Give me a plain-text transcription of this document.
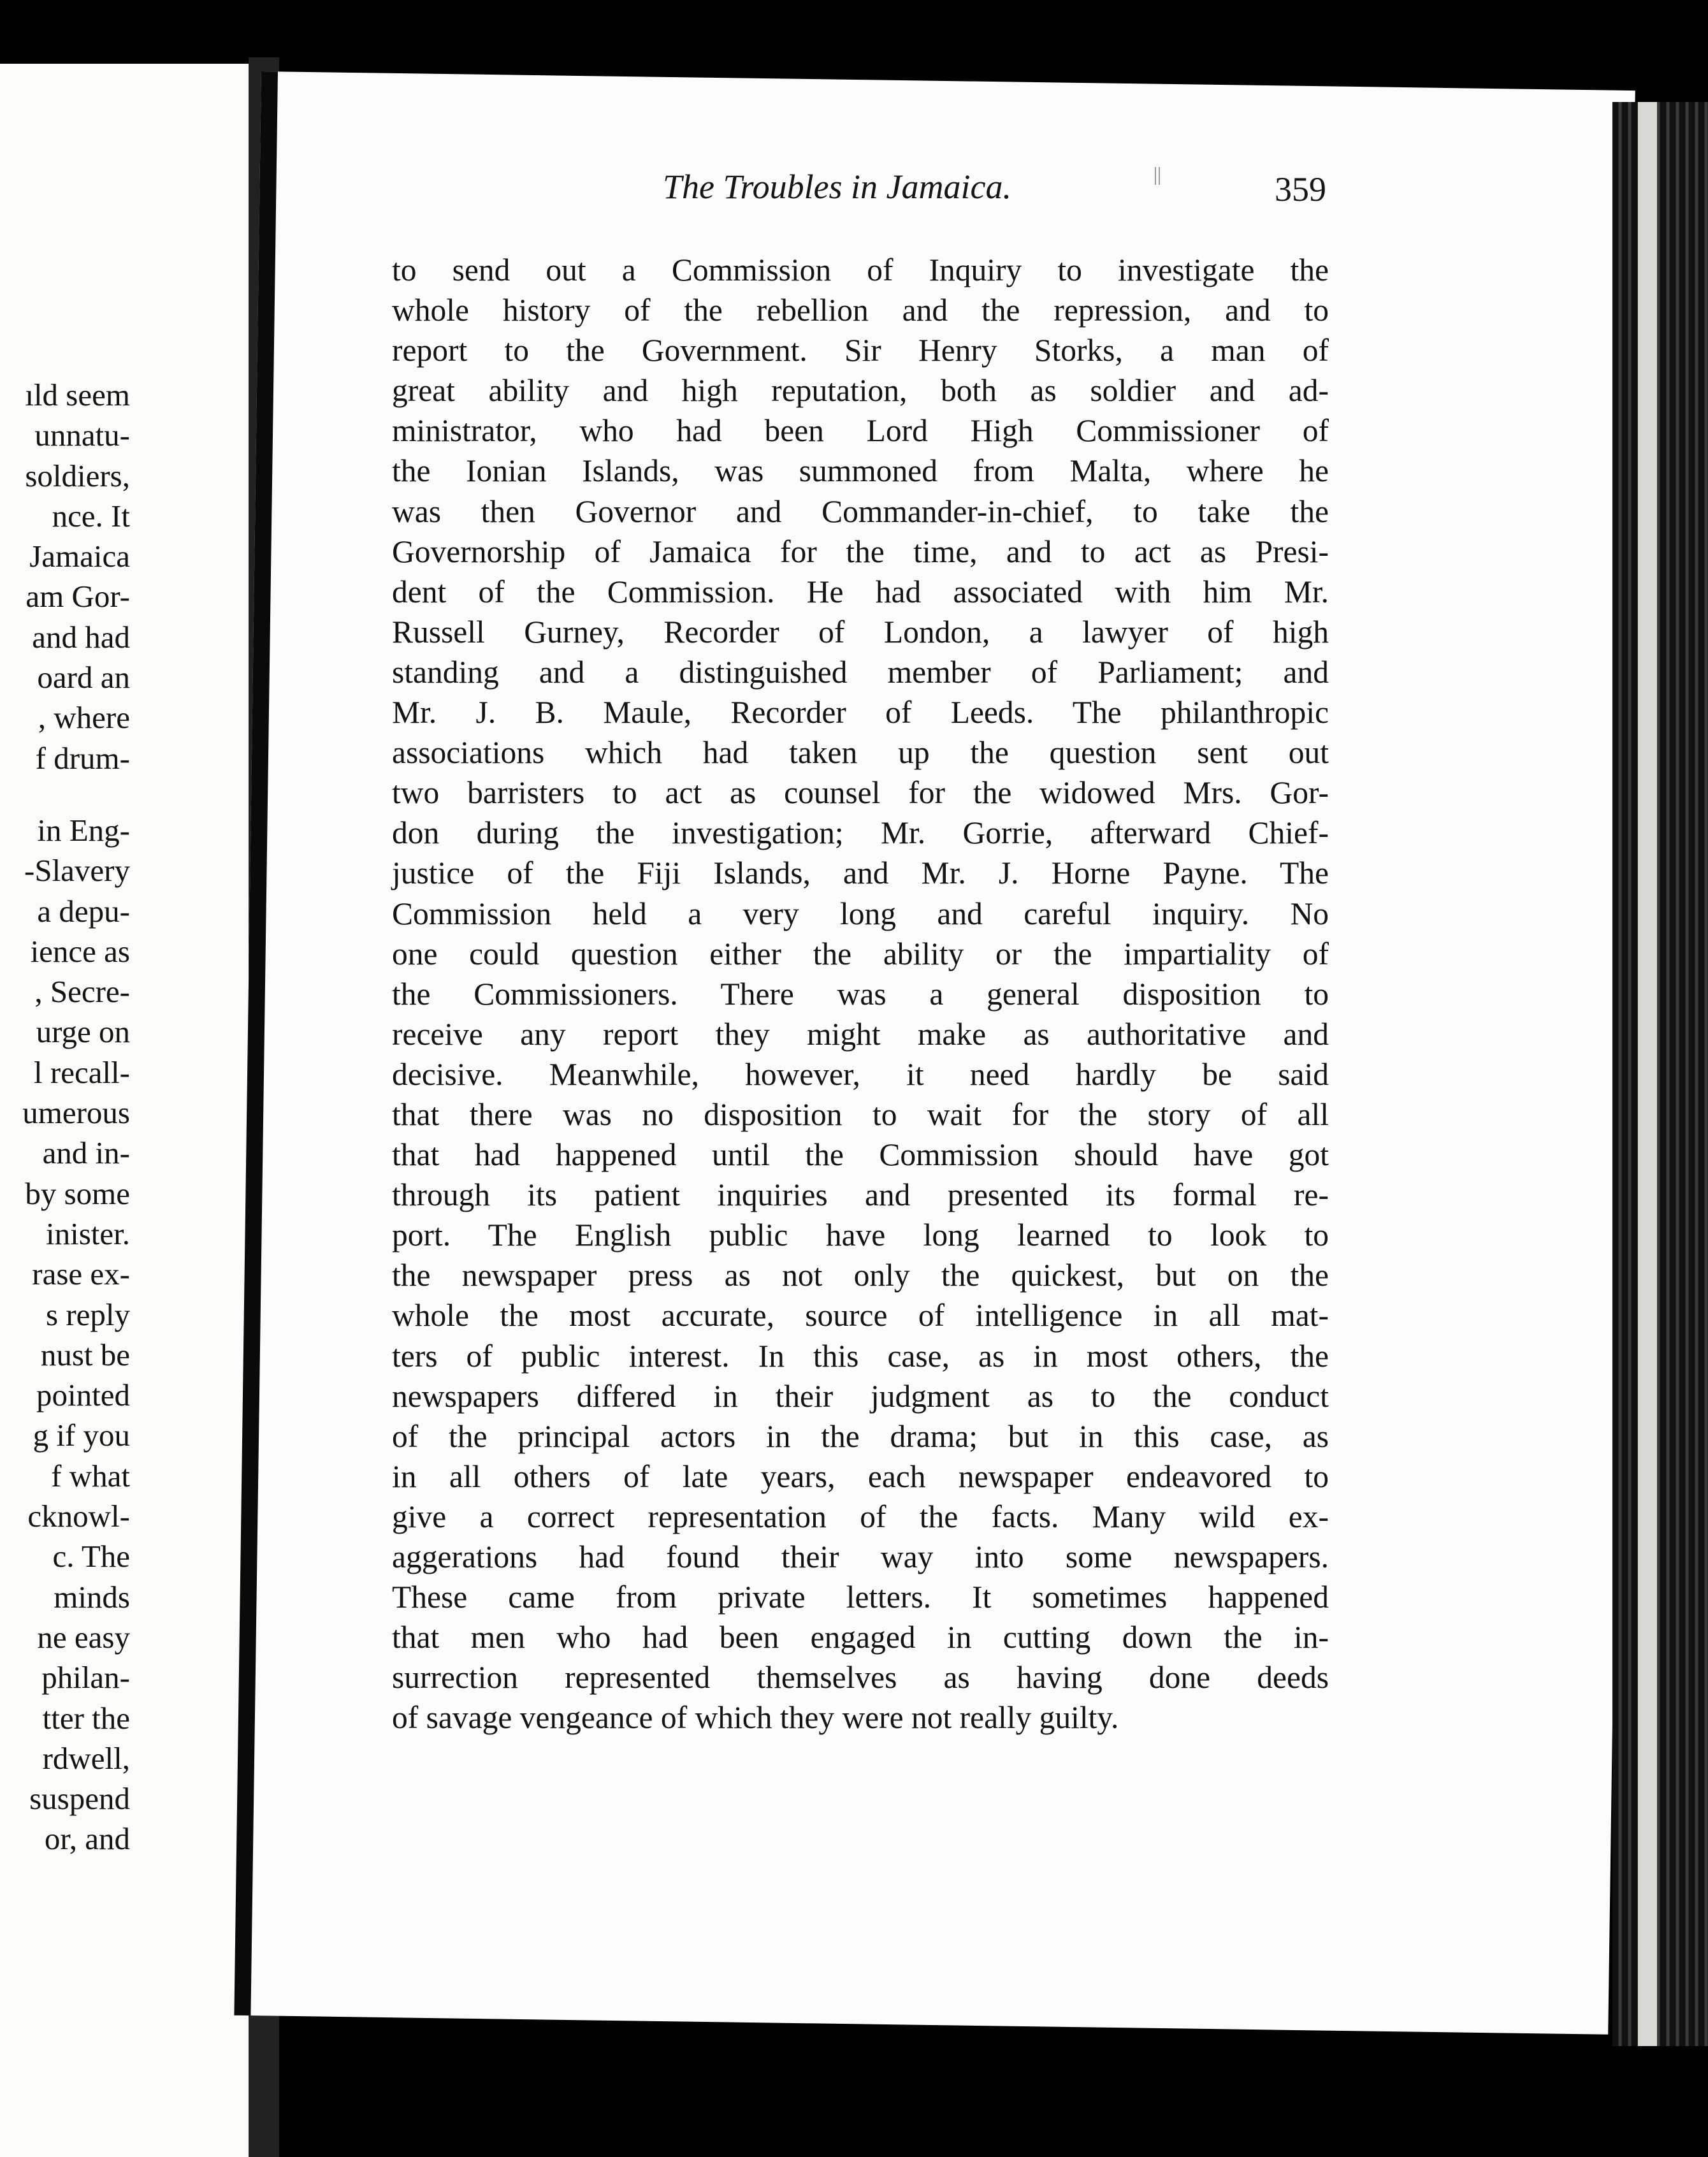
ıld seem
unnatu-
soldiers,
nce. It
Jamaica
am Gor-
and had
oard an
, where
f drum-
in Eng-
-Slavery
a depu-
ience as
, Secre-
urge on
l recall-
umerous
and in-
by some
inister.
rase ex-
s reply
nust be
pointed
g if you
f what
cknowl-
c. The
minds
ne easy
philan-
tter the
rdwell,
suspend
or, and
The Troubles in Jamaica.	359
to send out a Commission of Inquiry to investigate the
whole history of the rebellion and the repression, and to
report to the Government. Sir Henry Storks, a man of
great ability and high reputation, both as soldier and ad-
ministrator, who had been Lord High Commissioner of
the Ionian Islands, was summoned from Malta, where he
was then Governor and Commander-in-chief, to take the
Governorship of Jamaica for the time, and to act as Presi-
dent of the Commission. He had associated with him Mr.
Russell Gurney, Recorder of London, a lawyer of high
standing and a distinguished member of Parliament; and
Mr. J. B. Maule, Recorder of Leeds. The philanthropic
associations which had taken up the question sent out
two barristers to act as counsel for the widowed Mrs. Gor-
don during the investigation; Mr. Gorrie, afterward Chief-
justice of the Fiji Islands, and Mr. J. Horne Payne. The
Commission held a very long and careful inquiry. No
one could question either the ability or the impartiality of
the Commissioners. There was a general disposition to
receive any report they might make as authoritative and
decisive. Meanwhile, however, it need hardly be said
that there was no disposition to wait for the story of all
that had happened until the Commission should have got
through its patient inquiries and presented its formal re-
port. The English public have long learned to look to
the newspaper press as not only the quickest, but on the
whole the most accurate, source of intelligence in all mat-
ters of public interest. In this case, as in most others, the
newspapers differed in their judgment as to the conduct
of the principal actors in the drama; but in this case, as
in all others of late years, each newspaper endeavored to
give a correct representation of the facts. Many wild ex-
aggerations had found their way into some newspapers.
These came from private letters. It sometimes happened
that men who had been engaged in cutting down the in-
surrection represented themselves as having done deeds
of savage vengeance of which they were not really guilty.
